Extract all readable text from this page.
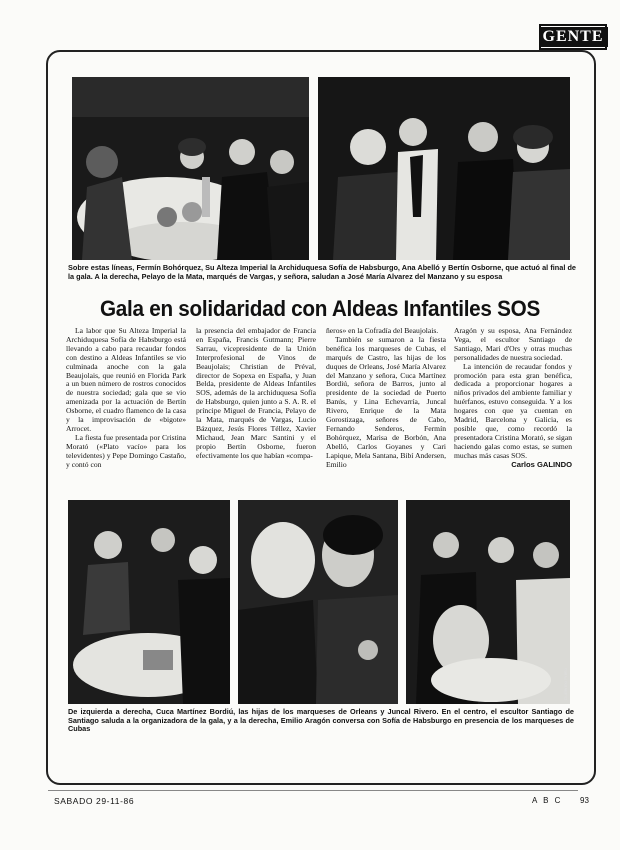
GENTE
Sobre estas líneas, Fermín Bohórquez, Su Alteza Imperial la Archiduquesa Sofía de Habsburgo, Ana Abelló y Bertín Osborne, que actuó al final de la gala. A la derecha, Pelayo de la Mata, marqués de Vargas, y señora, saludan a José María Alvarez del Manzano y su esposa
Gala en solidaridad con Aldeas Infantiles SOS

La labor que Su Alteza Imperial la Archiduquesa Sofía de Habsburgo está llevando a cabo para recaudar fondos con destino a Aldeas Infantiles se vio culminada anoche con la gala Beaujolais, que reunió en Florida Park a un buen número de rostros conocidos de nuestra sociedad; gala que se vio amenizada por la actuación de Bertín Osborne, el cuadro flamenco de la casa y la improvisación de «bigote» Arrocet.

La fiesta fue presentada por Cristina Morató («Plato vacío» para los televidentes) y Pepe Domingo Castaño, y contó con

la presencia del embajador de Francia en España, Francis Gutmann; Pierre Sarrau, vicepresidente de la Unión Interprofesional de Vinos de Beaujolais; Christian de Préval, director de Sopexa en España, y Juan Belda, presidente de Aldeas Infantiles SOS, además de la archiduquesa Sofía de Habsburgo, quien junto a S. A. R. el príncipe Miguel de Francia, Pelayo de la Mata, marqués de Vargas, Lucio Bázquez, Jesús Flores Téllez, Xavier Michaud, Jean Marc Santini y el propio Bertín Osborne, fueron efectivamente los que habían «compa-

ñeros» en la Cofradía del Beaujolais.

También se sumaron a la fiesta benéfica los marqueses de Cubas, el marqués de Castro, las hijas de los duques de Orleans, José María Alvarez del Manzano y señora, Cuca Martínez Bordiú, señora de Barros, junto al presidente de la sociedad de Puerto Banús, y Lina Echevarría, Juncal Rivero, Enrique de la Mata Gorostizaga, señores de Cabo, Fernando Senderos, Fermín Bohórquez, Marisa de Borbón, Ana Abelló, Carlos Goyanes y Cari Lapique, Mela Santana, Bibí Andersen, Emilio

Aragón y su esposa, Ana Fernández Vega, el escultor Santiago de Santiago, Mari d'Ors y otras muchas personalidades de nuestra sociedad.

La intención de recaudar fondos y promoción para esta gran benéfica, dedicada a proporcionar hogares a niños privados del ambiente familiar y huérfanos, estuvo conseguida. Y a los hogares con que ya cuentan en Madrid, Barcelona y Galicia, es posible que, como recordó la presentadora Cristina Morató, se sigan haciendo galas como estas, se sumen muchas más casas SOS.

Carlos GALINDO
Guillermo Prieto
De izquierda a derecha, Cuca Martínez Bordiú, las hijas de los marqueses de Orleans y Juncal Rivero. En el centro, el escultor Santiago de Santiago saluda a la organizadora de la gala, y a la derecha, Emilio Aragón conversa con Sofía de Habsburgo en presencia de los marqueses de Cubas
SABADO 29-11-86	A B C 93
